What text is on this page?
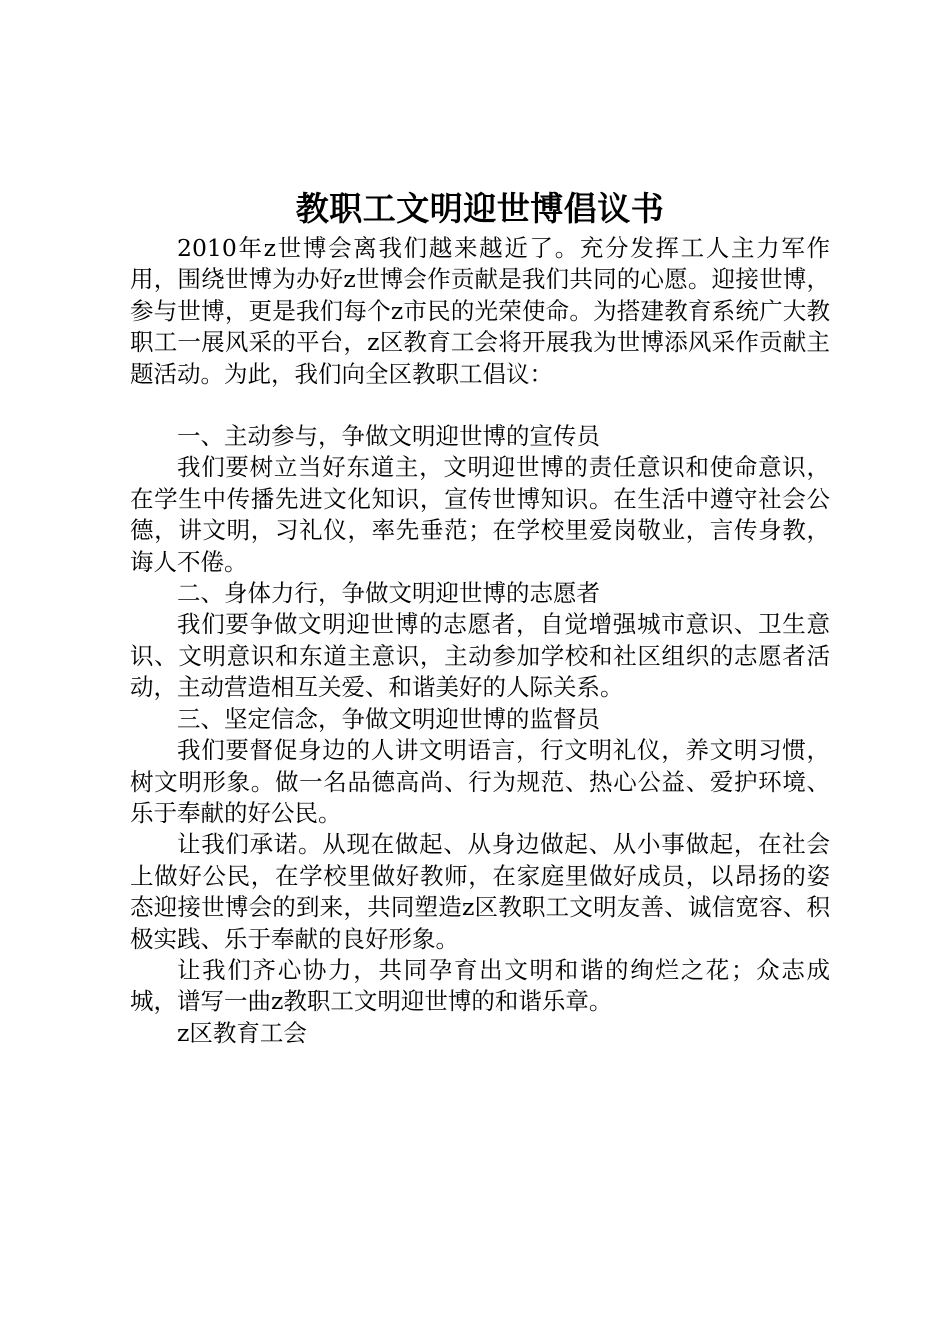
教职工文明迎世博倡议书

2010年z世博会离我们越来越近了。充分发挥工人主力军作用，围绕世博为办好z世博会作贡献是我们共同的心愿。迎接世博，参与世博，更是我们每个z市民的光荣使命。为搭建教育系统广大教职工一展风采的平台，z区教育工会将开展我为世博添风采作贡献主题活动。为此，我们向全区教职工倡议：

一、主动参与，争做文明迎世博的宣传员

我们要树立当好东道主，文明迎世博的责任意识和使命意识，在学生中传播先进文化知识，宣传世博知识。在生活中遵守社会公德，讲文明，习礼仪，率先垂范；在学校里爱岗敬业，言传身教，诲人不倦。

二、身体力行，争做文明迎世博的志愿者

我们要争做文明迎世博的志愿者，自觉增强城市意识、卫生意识、文明意识和东道主意识，主动参加学校和社区组织的志愿者活动，主动营造相互关爱、和谐美好的人际关系。

三、坚定信念，争做文明迎世博的监督员

我们要督促身边的人讲文明语言，行文明礼仪，养文明习惯，树文明形象。做一名品德高尚、行为规范、热心公益、爱护环境、乐于奉献的好公民。

让我们承诺。从现在做起、从身边做起、从小事做起，在社会上做好公民，在学校里做好教师，在家庭里做好成员，以昂扬的姿态迎接世博会的到来，共同塑造z区教职工文明友善、诚信宽容、积极实践、乐于奉献的良好形象。

让我们齐心协力，共同孕育出文明和谐的绚烂之花；众志成城，谱写一曲z教职工文明迎世博的和谐乐章。

z区教育工会
